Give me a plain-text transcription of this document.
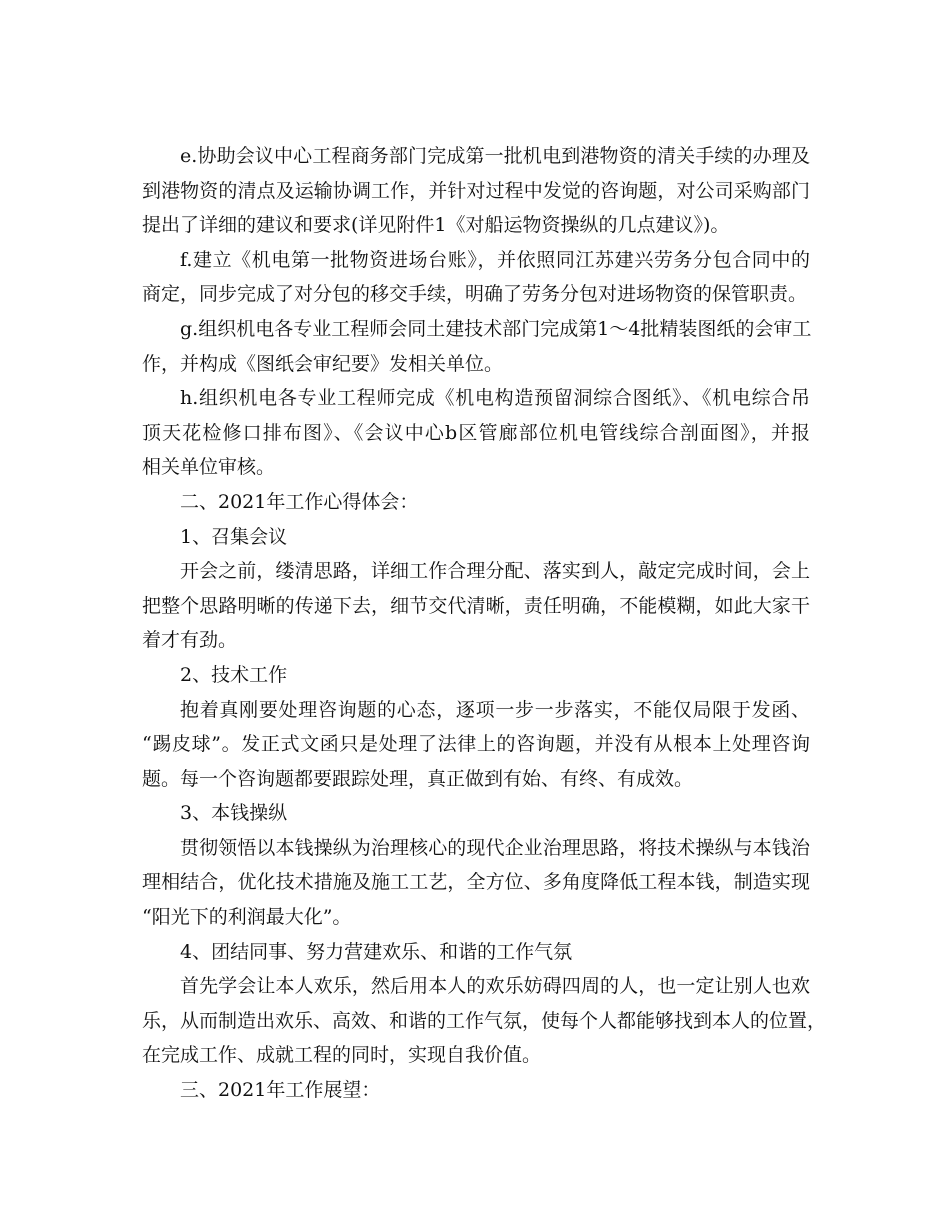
e.协助会议中心工程商务部门完成第一批机电到港物资的清关手续的办理及
到港物资的清点及运输协调工作，并针对过程中发觉的咨询题，对公司采购部门
提出了详细的建议和要求(详见附件1《对船运物资操纵的几点建议》)。
f.建立《机电第一批物资进场台账》，并依照同江苏建兴劳务分包合同中的
商定，同步完成了对分包的移交手续，明确了劳务分包对进场物资的保管职责。
g.组织机电各专业工程师会同土建技术部门完成第1～4批精装图纸的会审工
作，并构成《图纸会审纪要》发相关单位。
h.组织机电各专业工程师完成《机电构造预留洞综合图纸》、《机电综合吊
顶天花检修口排布图》、《会议中心b区管廊部位机电管线综合剖面图》，并报
相关单位审核。
二、2021年工作心得体会：
1、召集会议
开会之前，缕清思路，详细工作合理分配、落实到人，敲定完成时间，会上
把整个思路明晰的传递下去，细节交代清晰，责任明确，不能模糊，如此大家干
着才有劲。
2、技术工作
抱着真刚要处理咨询题的心态，逐项一步一步落实，不能仅局限于发函、
“踢皮球”。发正式文函只是处理了法律上的咨询题，并没有从根本上处理咨询
题。每一个咨询题都要跟踪处理，真正做到有始、有终、有成效。
3、本钱操纵
贯彻领悟以本钱操纵为治理核心的现代企业治理思路，将技术操纵与本钱治
理相结合，优化技术措施及施工工艺，全方位、多角度降低工程本钱，制造实现
“阳光下的利润最大化”。
4、团结同事、努力营建欢乐、和谐的工作气氛
首先学会让本人欢乐，然后用本人的欢乐妨碍四周的人，也一定让别人也欢
乐，从而制造出欢乐、高效、和谐的工作气氛，使每个人都能够找到本人的位置，
在完成工作、成就工程的同时，实现自我价值。
三、2021年工作展望：
